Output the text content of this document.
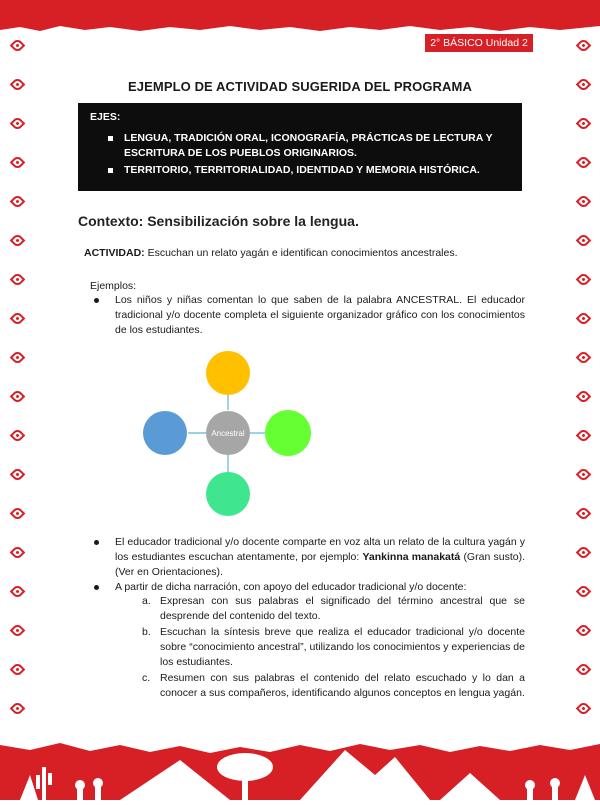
2° BÁSICO Unidad 2
EJEMPLO DE ACTIVIDAD SUGERIDA DEL PROGRAMA
EJES:
LENGUA, TRADICIÓN ORAL, ICONOGRAFÍA, PRÁCTICAS DE LECTURA Y ESCRITURA DE LOS PUEBLOS ORIGINARIOS.
TERRITORIO, TERRITORIALIDAD, IDENTIDAD Y MEMORIA HISTÓRICA.
Contexto: Sensibilización sobre la lengua.
ACTIVIDAD: Escuchan un relato yagán e identifican conocimientos ancestrales.
Ejemplos:
Los niños y niñas comentan lo que saben de la palabra ANCESTRAL. El educador tradicional y/o docente completa el siguiente organizador gráfico con los conocimientos de los estudiantes.
Ancestral
El educador tradicional y/o docente comparte en voz alta un relato de la cultura yagán y los estudiantes escuchan atentamente, por ejemplo: Yankinna manakatá (Gran susto). (Ver en Orientaciones).
A partir de dicha narración, con apoyo del educador tradicional y/o docente:
a. Expresan con sus palabras el significado del término ancestral que se desprende del contenido del texto.
b. Escuchan la síntesis breve que realiza el educador tradicional y/o docente sobre “conocimiento ancestral”, utilizando los conocimientos y experiencias de los estudiantes.
c. Resumen con sus palabras el contenido del relato escuchado y lo dan a conocer a sus compañeros, identificando algunos conceptos en lengua yagán.
